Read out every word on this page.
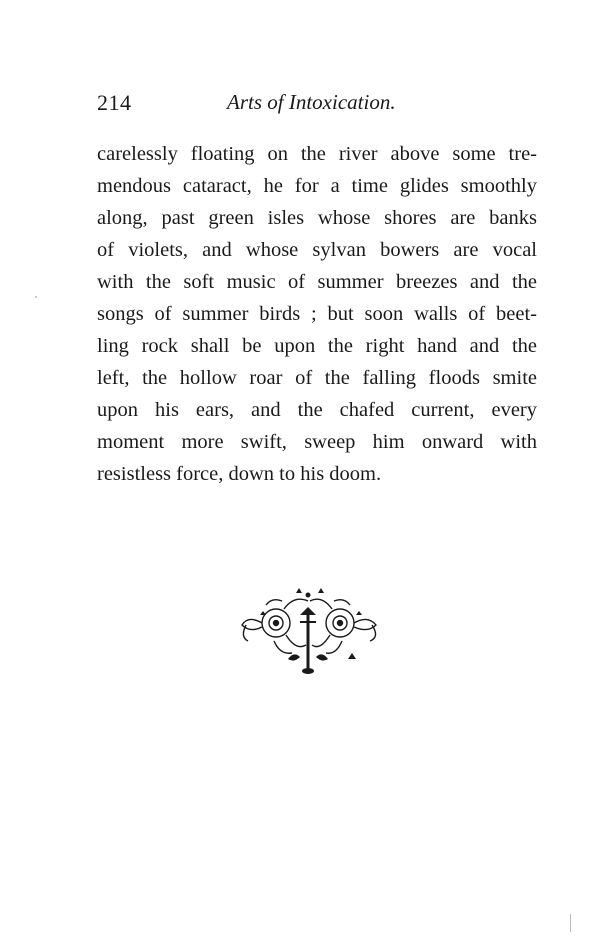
214	Arts of Intoxication.
carelessly floating on the river above some tre-
mendous cataract, he for a time glides smoothly
along, past green isles whose shores are banks
of violets, and whose sylvan bowers are vocal
with the soft music of summer breezes and the
songs of summer birds ; but soon walls of beet-
ling rock shall be upon the right hand and the
left, the hollow roar of the falling floods smite
upon his ears, and the chafed current, every
moment more swift, sweep him onward with
resistless force, down to his doom.
